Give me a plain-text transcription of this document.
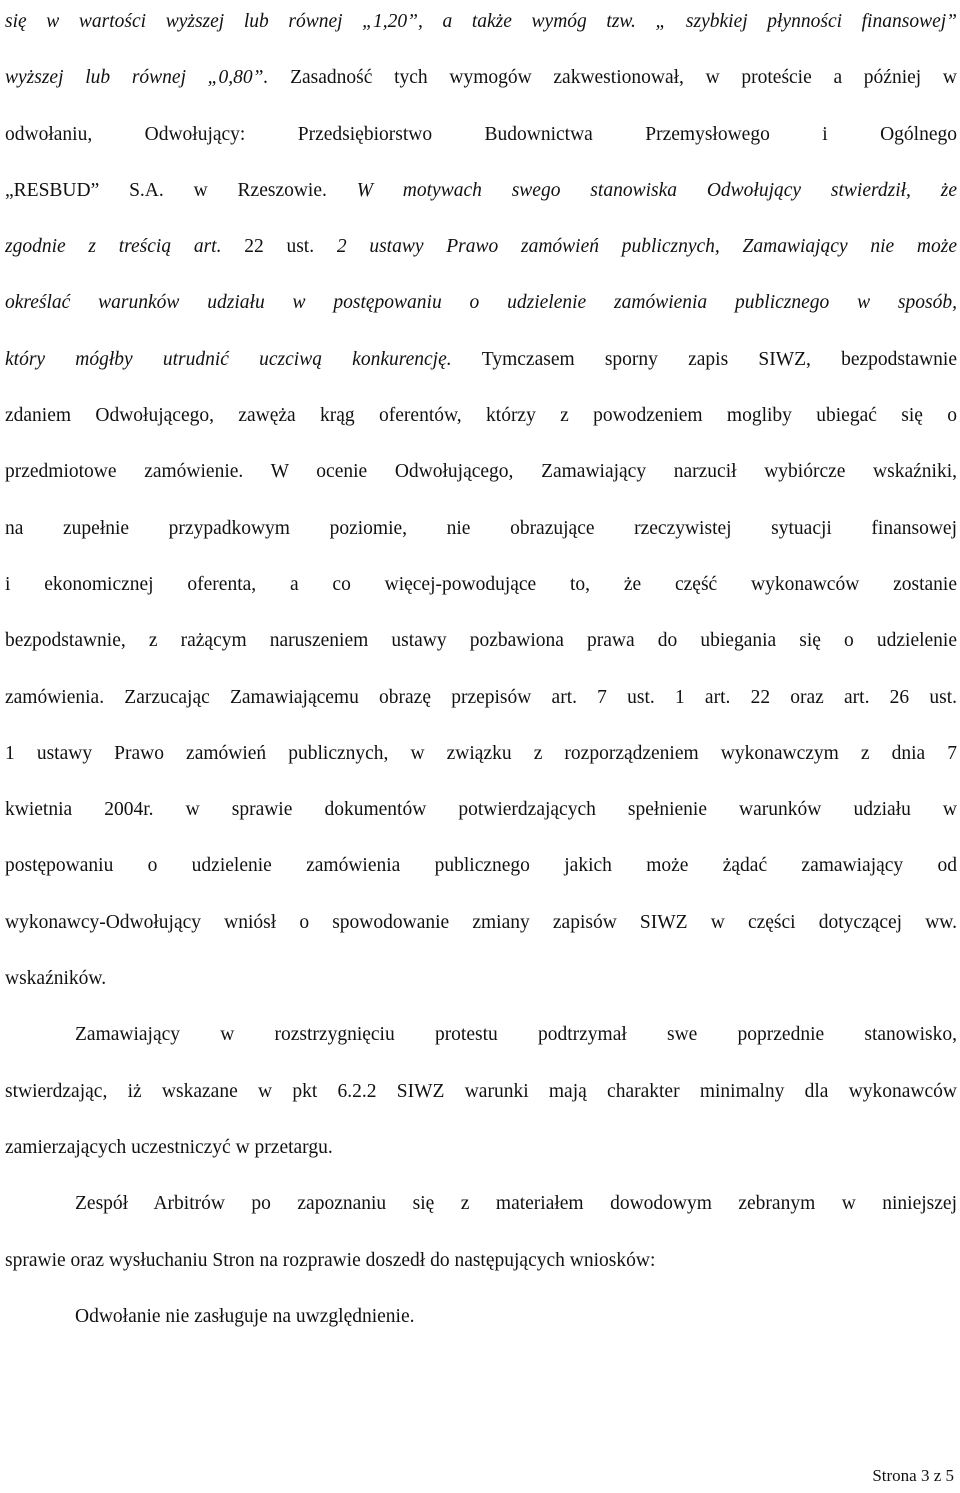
się w wartości wyższej lub równej „1,20”, a także wymóg tzw. „ szybkiej płynności finansowej”
wyższej lub równej „0,80”. Zasadność tych wymogów zakwestionował, w proteście a później w
odwołaniu, Odwołujący: Przedsiębiorstwo Budownictwa Przemysłowego i Ogólnego
„RESBUD” S.A. w Rzeszowie. W motywach swego stanowiska Odwołujący stwierdził, że
zgodnie z treścią art. 22 ust. 2 ustawy Prawo zamówień publicznych, Zamawiający nie może
określać warunków udziału w postępowaniu o udzielenie zamówienia publicznego w sposób,
który mógłby utrudnić uczciwą konkurencję. Tymczasem sporny zapis SIWZ, bezpodstawnie
zdaniem Odwołującego, zawęża krąg oferentów, którzy z powodzeniem mogliby ubiegać się o
przedmiotowe zamówienie. W ocenie Odwołującego, Zamawiający narzucił wybiórcze wskaźniki,
na zupełnie przypadkowym poziomie, nie obrazujące rzeczywistej sytuacji finansowej
i ekonomicznej oferenta, a co więcej-powodujące to, że część wykonawców zostanie
bezpodstawnie, z rażącym naruszeniem ustawy pozbawiona prawa do ubiegania się o udzielenie
zamówienia. Zarzucając Zamawiającemu obrazę przepisów art. 7 ust. 1 art. 22 oraz art. 26 ust.
1 ustawy Prawo zamówień publicznych, w związku z rozporządzeniem wykonawczym z dnia 7
kwietnia 2004r. w sprawie dokumentów potwierdzających spełnienie warunków udziału w
postępowaniu o udzielenie zamówienia publicznego jakich może żądać zamawiający od
wykonawcy-Odwołujący wniósł o spowodowanie zmiany zapisów SIWZ w części dotyczącej ww.
wskaźników.
Zamawiający w rozstrzygnięciu protestu podtrzymał swe poprzednie stanowisko,
stwierdzając, iż wskazane w pkt 6.2.2 SIWZ warunki mają charakter minimalny dla wykonawców
zamierzających uczestniczyć w przetargu.
Zespół Arbitrów po zapoznaniu się z materiałem dowodowym zebranym w niniejszej
sprawie oraz wysłuchaniu Stron na rozprawie doszedł do następujących wniosków:
Odwołanie nie zasługuje na uwzględnienie.
Strona 3 z 5
